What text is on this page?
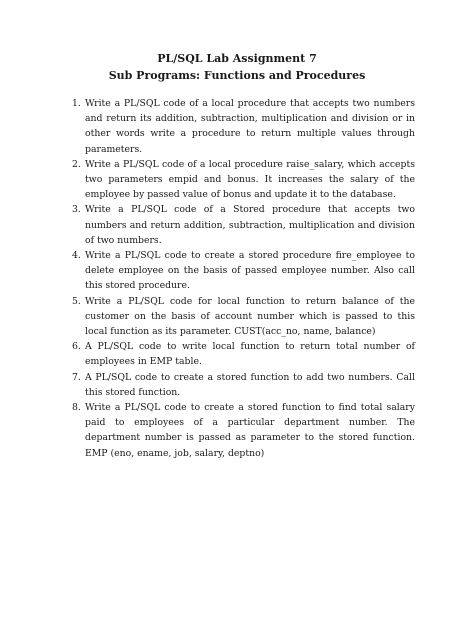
PL/SQL Lab Assignment 7
Sub Programs: Functions and Procedures
1. Write a PL/SQL code of a local procedure that accepts two numbers and return its addition, subtraction, multiplication and division or in other words write a procedure to return multiple values through parameters.
2. Write a PL/SQL code of a local procedure raise_salary, which accepts two parameters empid and bonus. It increases the salary of the employee by passed value of bonus and update it to the database.
3. Write a PL/SQL code of a Stored procedure that accepts two numbers and return addition, subtraction, multiplication and division of two numbers.
4. Write a PL/SQL code to create a stored procedure fire_employee to delete employee on the basis of passed employee number. Also call this stored procedure.
5. Write a PL/SQL code for local function to return balance of the customer on the basis of account number which is passed to this local function as its parameter. CUST(acc_no, name, balance)
6. A PL/SQL code to write local function to return total number of employees in EMP table.
7. A PL/SQL code to create a stored function to add two numbers. Call this stored function.
8. Write a PL/SQL code to create a stored function to find total salary paid to employees of a particular department number. The department number is passed as parameter to the stored function. EMP (eno, ename, job, salary, deptno)
